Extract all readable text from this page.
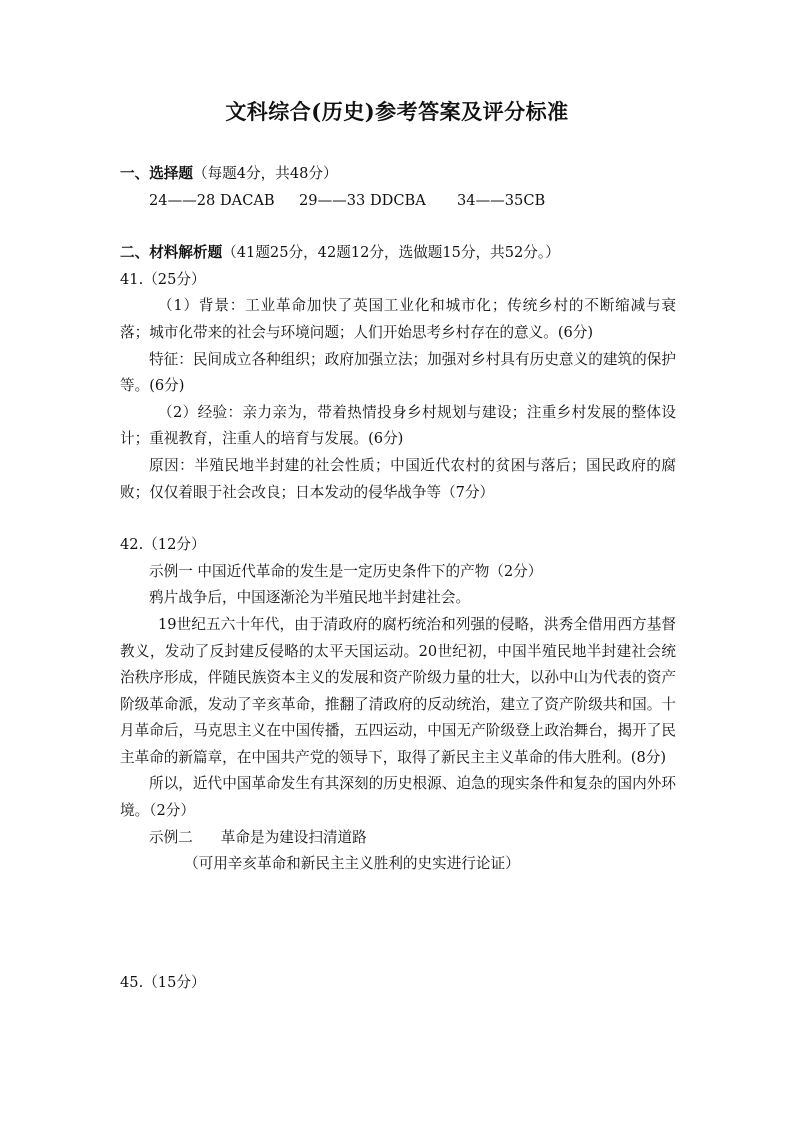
文科综合(历史)参考答案及评分标准
一、选择题（每题4分，共48分）
24——28 DACAB 29——33 DDCBA 34——35CB
二、材料解析题（41题25分，42题12分，选做题15分，共52分。）
41.（25分）

（1）背景：工业革命加快了英国工业化和城市化；传统乡村的不断缩减与衰落；城市化带来的社会与环境问题；人们开始思考乡村存在的意义。(6分)

特征：民间成立各种组织；政府加强立法；加强对乡村具有历史意义的建筑的保护等。(6分)

（2）经验：亲力亲为，带着热情投身乡村规划与建设；注重乡村发展的整体设计；重视教育，注重人的培育与发展。(6分)

原因：半殖民地半封建的社会性质；中国近代农村的贫困与落后；国民政府的腐败；仅仅着眼于社会改良；日本发动的侵华战争等（7分）

42.（12分）

示例一 中国近代革命的发生是一定历史条件下的产物（2分）

鸦片战争后，中国逐渐沦为半殖民地半封建社会。

19世纪五六十年代，由于清政府的腐朽统治和列强的侵略，洪秀全借用西方基督教义，发动了反封建反侵略的太平天国运动。20世纪初，中国半殖民地半封建社会统治秩序形成，伴随民族资本主义的发展和资产阶级力量的壮大，以孙中山为代表的资产阶级革命派，发动了辛亥革命，推翻了清政府的反动统治，建立了资产阶级共和国。十月革命后，马克思主义在中国传播，五四运动，中国无产阶级登上政治舞台，揭开了民主革命的新篇章，在中国共产党的领导下，取得了新民主主义革命的伟大胜利。(8分)

所以，近代中国革命发生有其深刻的历史根源、迫急的现实条件和复杂的国内外环境。（2分）

示例二 革命是为建设扫清道路
（可用辛亥革命和新民主主义胜利的史实进行论证）
45.（15分）
